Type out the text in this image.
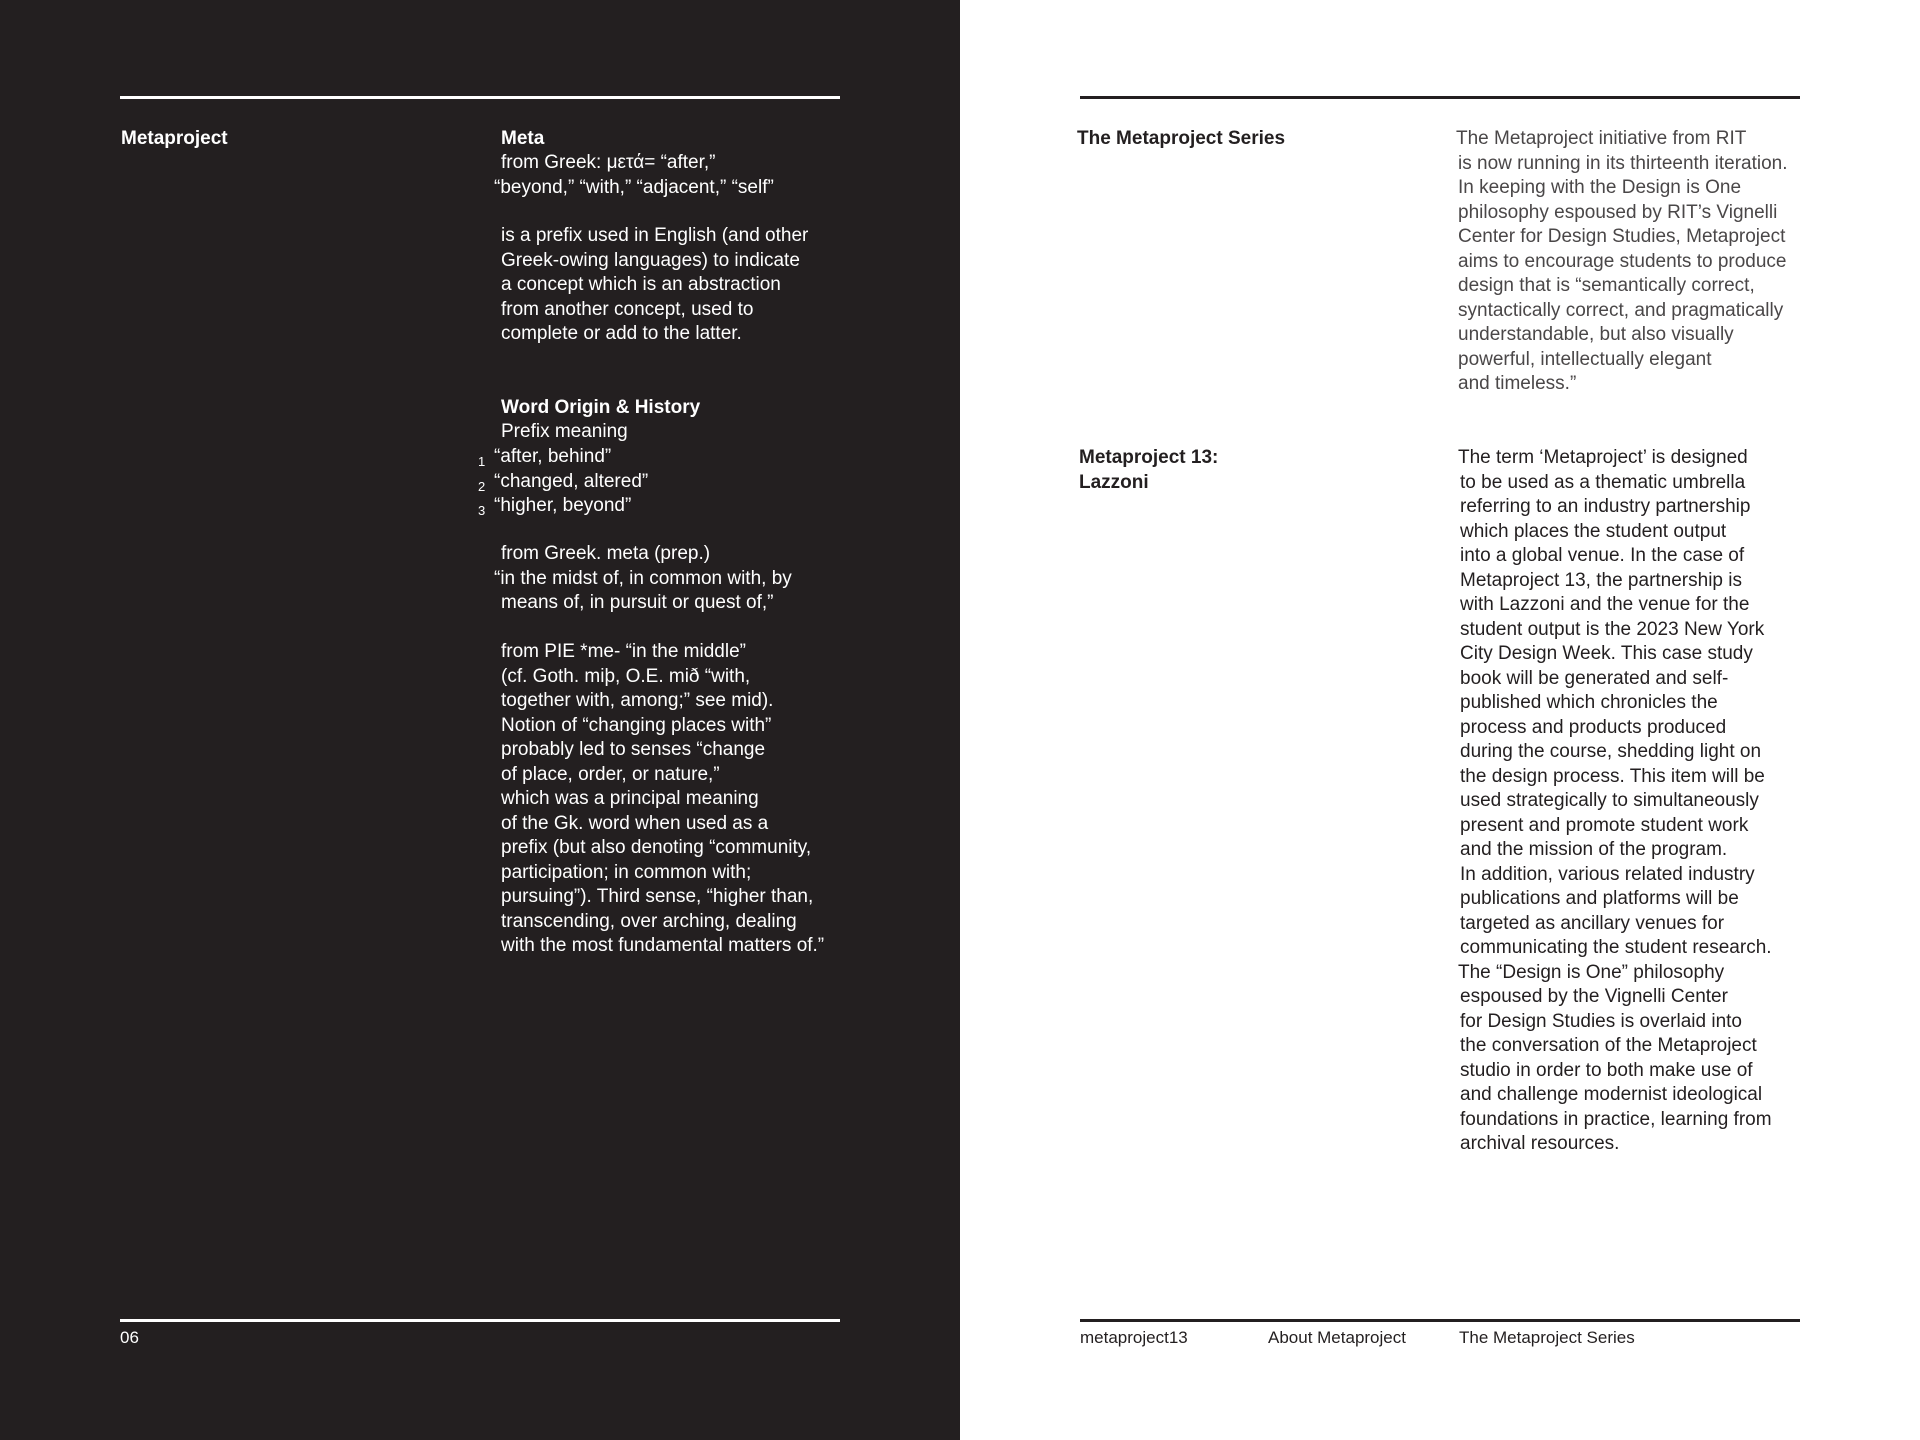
Metaproject	Meta
from Greek: μετά= “after,”
“beyond,” “with,” “adjacent,” “self”
is a prefix used in English (and other
Greek-owing languages) to indicate
a concept which is an abstraction
from another concept, used to
complete or add to the latter.
Word Origin & History
Prefix meaning
1 “after, behind”
2 “changed, altered”
3 “higher, beyond”
from Greek. meta (prep.)
“in the midst of, in common with, by
means of, in pursuit or quest of,”
from PIE *me- “in the middle”
(cf. Goth. miþ, O.E. mið “with,
together with, among;” see mid).
Notion of “changing places with”
probably led to senses “change
of place, order, or nature,”
which was a principal meaning
of the Gk. word when used as a
prefix (but also denoting “community,
participation; in common with;
pursuing”). Third sense, “higher than,
transcending, over arching, dealing
with the most fundamental matters of.”
06
The Metaproject Series	The Metaproject initiative from RIT
is now running in its thirteenth iteration.
In keeping with the Design is One
philosophy espoused by RIT’s Vignelli
Center for Design Studies, Metaproject
aims to encourage students to produce
design that is “semantically correct,
syntactically correct, and pragmatically
understandable, but also visually
powerful, intellectually elegant
and timeless.”
Metaproject 13:
Lazzoni
The term ‘Metaproject’ is designed
to be used as a thematic umbrella
referring to an industry partnership
which places the student output
into a global venue. In the case of
Metaproject 13, the partnership is
with Lazzoni and the venue for the
student output is the 2023 New York
City Design Week. This case study
book will be generated and self-
published which chronicles the
process and products produced
during the course, shedding light on
the design process. This item will be
used strategically to simultaneously
present and promote student work
and the mission of the program.
In addition, various related industry
publications and platforms will be
targeted as ancillary venues for
communicating the student research.
The “Design is One” philosophy
espoused by the Vignelli Center
for Design Studies is overlaid into
the conversation of the Metaproject
studio in order to both make use of
and challenge modernist ideological
foundations in practice, learning from
archival resources.
metaproject13	About Metaproject	The Metaproject Series
